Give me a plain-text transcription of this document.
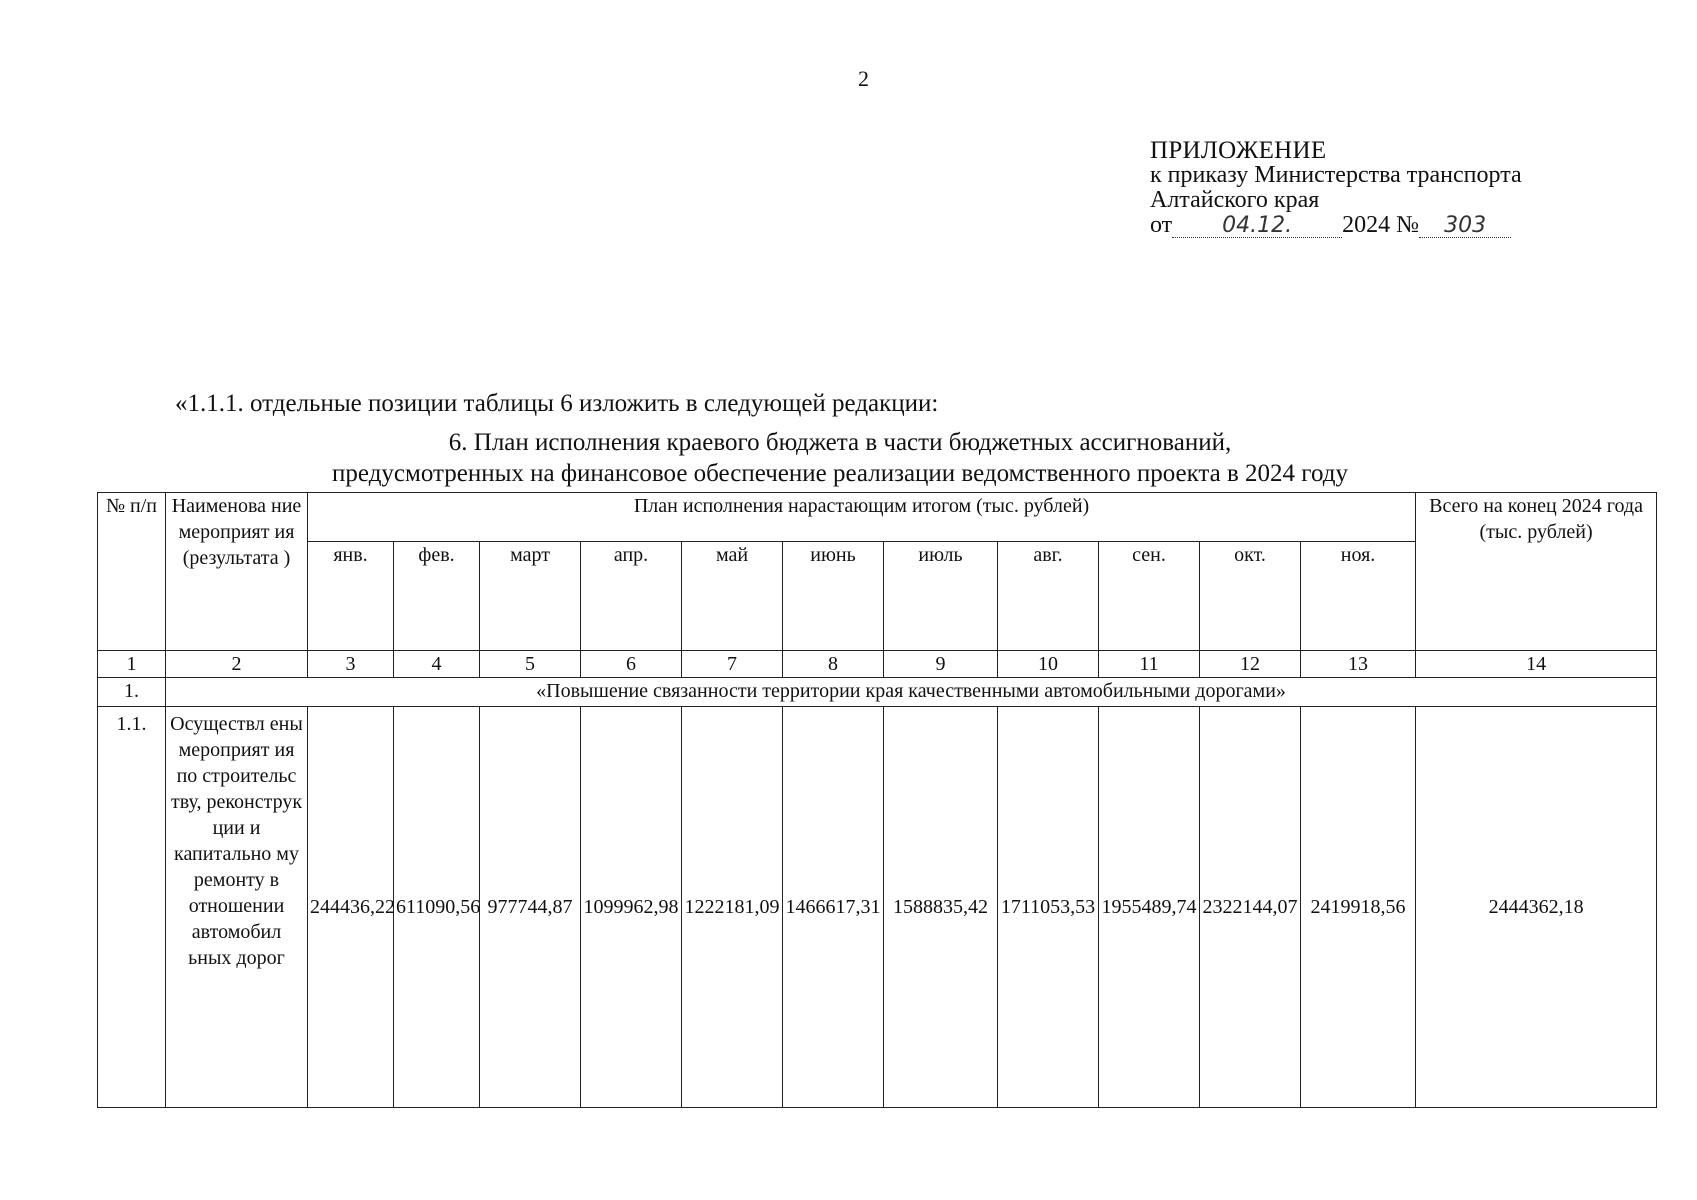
2
ПРИЛОЖЕНИЕ
к приказу Министерства транспорта
Алтайского края
от 04.12. 2024 № 303
«1.1.1. отдельные позиции таблицы 6 изложить в следующей редакции:
6. План исполнения краевого бюджета в части бюджетных ассигнований,
предусмотренных на финансовое обеспечение реализации ведомственного проекта в 2024 году
№ п/п	Наименова ние мероприят ия (результата )	План исполнения нарастающим итогом (тыс. рублей)											Всего на конец 2024 года (тыс. рублей)
		янв.	фев.	март	апр.	май	июнь	июль	авг.	сен.	окт.	ноя.	
1	2	3	4	5	6	7	8	9	10	11	12	13	14
1.	«Повышение связанности территории края качественными автомобильными дорогами»												
1.1.	Осуществл ены мероприят ия по строительс тву, реконструк ции и капитально му ремонту в отношении автомобил ьных дорог	244436,22	611090,56	977744,87	1099962,98	1222181,09	1466617,31	1588835,42	1711053,53	1955489,74	2322144,07	2419918,56	2444362,18
